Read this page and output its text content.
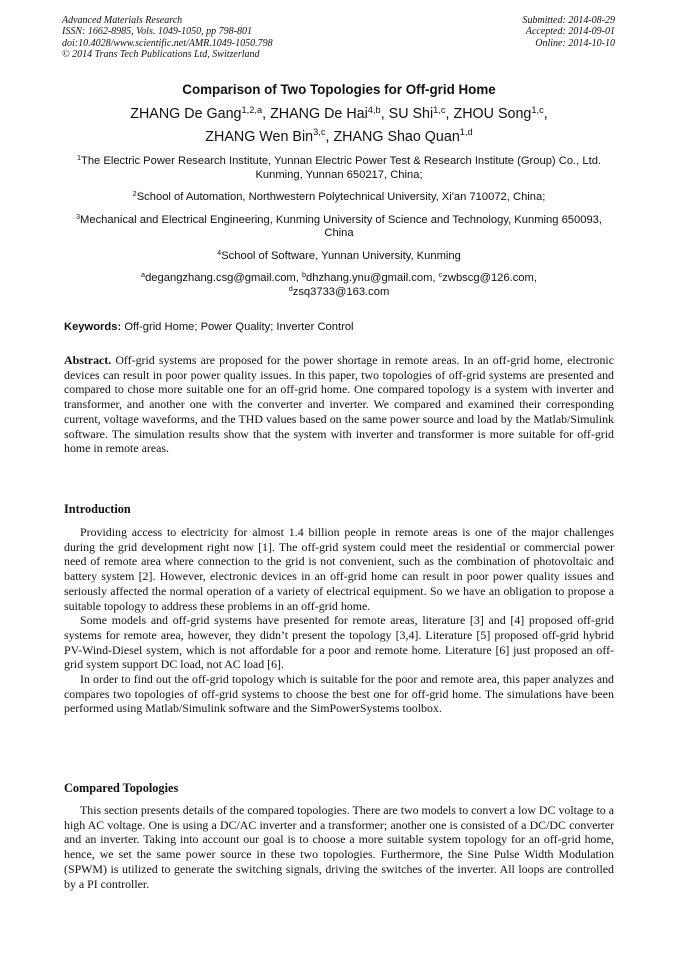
Advanced Materials Research
ISSN: 1662-8985, Vols. 1049-1050, pp 798-801
doi:10.4028/www.scientific.net/AMR.1049-1050.798
© 2014 Trans Tech Publications Ltd, Switzerland
Submitted: 2014-08-29
Accepted: 2014-09-01
Online: 2014-10-10
Comparison of Two Topologies for Off-grid Home
ZHANG De Gang$^{1,2,a}$, ZHANG De Hai$^{4,b}$, SU Shi$^{1,c}$, ZHOU Song$^{1,c}$,
ZHANG Wen Bin$^{3,c}$, ZHANG Shao Quan$^{1,d}$
$^1$The Electric Power Research Institute, Yunnan Electric Power Test & Research Institute (Group) Co., Ltd. Kunming, Yunnan 650217, China;
$^2$School of Automation, Northwestern Polytechnical University, Xi'an 710072, China;
$^3$Mechanical and Electrical Engineering, Kunming University of Science and Technology, Kunming 650093, China
$^4$School of Software, Yunnan University, Kunming
$^a$degangzhang.csg@gmail.com, $^b$dhzhang.ynu@gmail.com, $^c$zwbscg@126.com,
$^d$zsq3733@163.com
Keywords: Off-grid Home; Power Quality; Inverter Control
Abstract. Off-grid systems are proposed for the power shortage in remote areas. In an off-grid home, electronic devices can result in poor power quality issues. In this paper, two topologies of off-grid systems are presented and compared to chose more suitable one for an off-grid home. One compared topology is a system with inverter and transformer, and another one with the converter and inverter. We compared and examined their corresponding current, voltage waveforms, and the THD values based on the same power source and load by the Matlab/Simulink software. The simulation results show that the system with inverter and transformer is more suitable for off-grid home in remote areas.
Introduction

Providing access to electricity for almost 1.4 billion people in remote areas is one of the major challenges during the grid development right now [1]. The off-grid system could meet the residential or commercial power need of remote area where connection to the grid is not convenient, such as the combination of photovoltaic and battery system [2]. However, electronic devices in an off-grid home can result in poor power quality issues and seriously affected the normal operation of a variety of electrical equipment. So we have an obligation to propose a suitable topology to address these problems in an off-grid home.

Some models and off-grid systems have presented for remote areas, literature [3] and [4] proposed off-grid systems for remote area, however, they didn’t present the topology [3,4]. Literature [5] proposed off-grid hybrid PV-Wind-Diesel system, which is not affordable for a poor and remote home. Literature [6] just proposed an off-grid system support DC load, not AC load [6].

In order to find out the off-grid topology which is suitable for the poor and remote area, this paper analyzes and compares two topologies of off-grid systems to choose the best one for off-grid home. The simulations have been performed using Matlab/Simulink software and the SimPowerSystems toolbox.

Compared Topologies

This section presents details of the compared topologies. There are two models to convert a low DC voltage to a high AC voltage. One is using a DC/AC inverter and a transformer; another one is consisted of a DC/DC converter and an inverter. Taking into account our goal is to choose a more suitable system topology for an off-grid home, hence, we set the same power source in these two topologies. Furthermore, the Sine Pulse Width Modulation (SPWM) is utilized to generate the switching signals, driving the switches of the inverter. All loops are controlled by a PI controller.
